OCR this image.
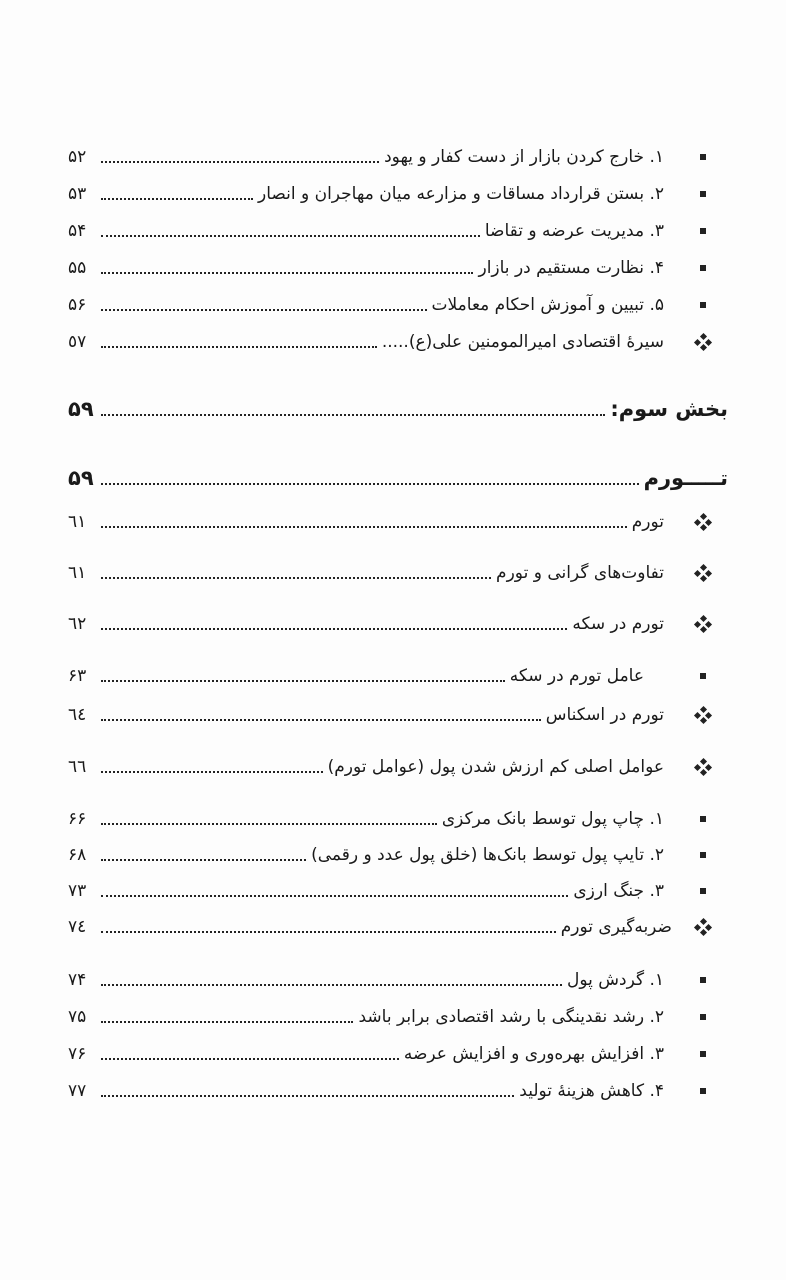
۱. خارج کردن بازار از دست کفار و یهود
۵۲
۲. بستن قرارداد مساقات و مزارعه میان مهاجران و انصار
۵۳
۳. مدیریت عرضه و تقاضا
۵۴
۴. نظارت مستقیم در بازار
۵۵
۵. تبیین و آموزش احکام معاملات
۵۶
سیرۀ اقتصادی امیرالمومنین علی(ع).....
٥٧
بخش سوم:
۵۹
تـــــورم
۵۹
تورم
٦١
تفاوت‌های گرانی و تورم
٦١
تورم در سکه
٦٢
عامل تورم در سکه
۶۳
تورم در اسکناس
٦٤
عوامل اصلی کم ارزش شدن پول (عوامل تورم)
٦٦
۱. چاپ پول توسط بانک مرکزی
۶۶
۲. تایپ پول توسط بانک‌ها (خلق پول عدد و رقمی)
۶۸
۳. جنگ ارزی
۷۳
ضربه‌گیری تورم
٧٤
۱. گردش پول
۷۴
۲. رشد نقدینگی با رشد اقتصادی برابر باشد
۷۵
۳. افزایش بهره‌وری و افزایش عرضه
۷۶
۴. کاهش هزینۀ تولید
۷۷
